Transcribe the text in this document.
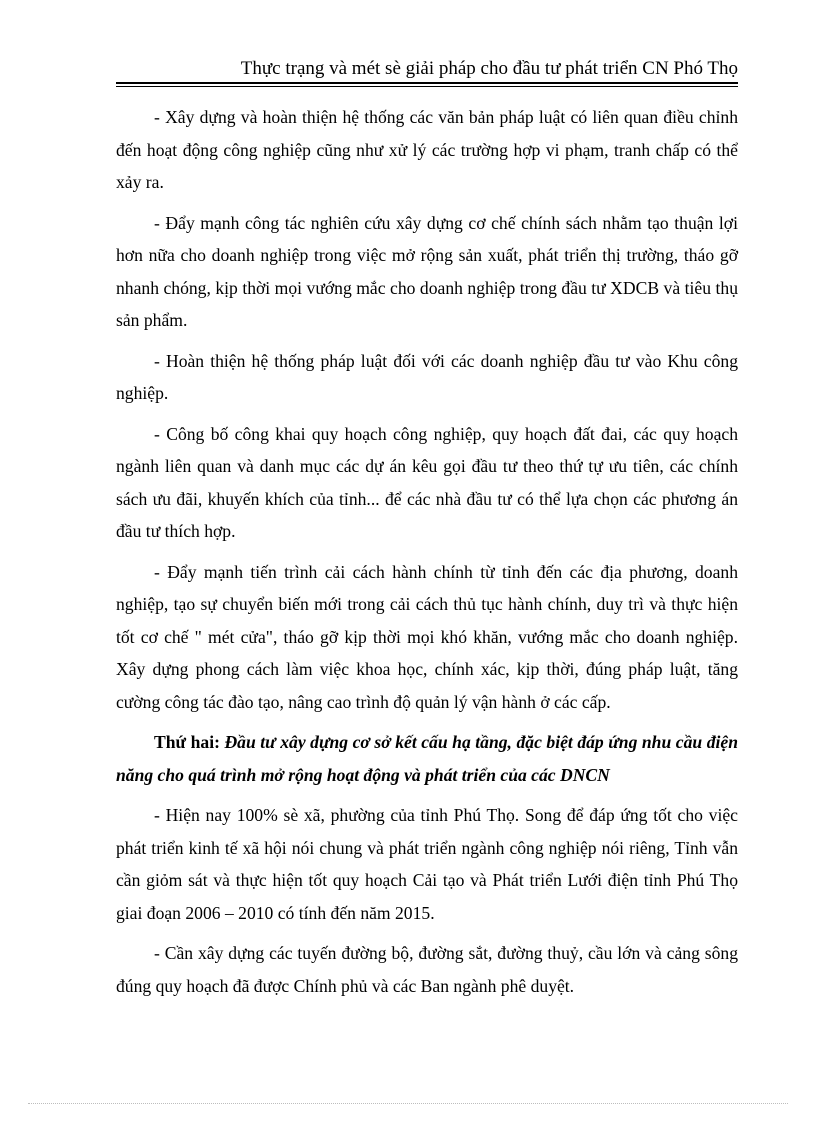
Thực trạng và mét sè giải pháp cho đầu tư phát triển CN Phó Thọ

- Xây dựng và hoàn thiện hệ thống các văn bản pháp luật có liên quan điều chỉnh đến hoạt động công nghiệp cũng như xử lý các trường hợp vi phạm, tranh chấp có thể xảy ra.

- Đẩy mạnh công tác nghiên cứu xây dựng cơ chế chính sách nhằm tạo thuận lợi hơn nữa cho doanh nghiệp trong việc mở rộng sản xuất, phát triển thị trường, tháo gỡ nhanh chóng, kịp thời mọi vướng mắc cho doanh nghiệp trong đầu tư XDCB và tiêu thụ sản phẩm.

- Hoàn thiện hệ thống pháp luật đối với các doanh nghiệp đầu tư vào Khu công nghiệp.

- Công bố công khai quy hoạch công nghiệp, quy hoạch đất đai, các quy hoạch ngành liên quan và danh mục các dự án kêu gọi đầu tư theo thứ tự ưu tiên, các chính sách ưu đãi, khuyến khích của tỉnh... để các nhà đầu tư có thể lựa chọn các phương án đầu tư thích hợp.

- Đẩy mạnh tiến trình cải cách hành chính từ tỉnh đến các địa phương, doanh nghiệp, tạo sự chuyển biến mới trong cải cách thủ tục hành chính, duy trì và thực hiện tốt cơ chế " mét cửa", tháo gỡ kịp thời mọi khó khăn, vướng mắc cho doanh nghiệp. Xây dựng phong cách làm việc khoa học, chính xác, kịp thời, đúng pháp luật, tăng cường công tác đào tạo, nâng cao trình độ quản lý vận hành ở các cấp.

Thứ hai: Đầu tư xây dựng cơ sở kết cấu hạ tầng, đặc biệt đáp ứng nhu cầu điện năng cho quá trình mở rộng hoạt động và phát triển của các DNCN

- Hiện nay 100% sè xã, phường của tỉnh Phú Thọ. Song để đáp ứng tốt cho việc phát triển kinh tế xã hội nói chung và phát triển ngành công nghiệp nói riêng, Tỉnh vẫn cần giỏm sát và thực hiện tốt quy hoạch Cải tạo và Phát triển Lưới điện tỉnh Phú Thọ giai đoạn 2006 – 2010 có tính đến năm 2015.

- Cần xây dựng các tuyến đường bộ, đường sắt, đường thuỷ, cầu lớn và cảng sông đúng quy hoạch đã được Chính phủ và các Ban ngành phê duyệt.
